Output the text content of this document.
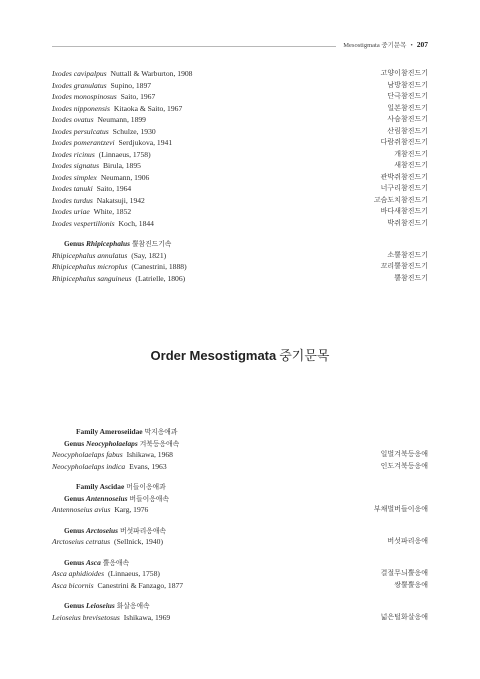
Mesostigmata 중기문목 • 207
Ixodes cavipalpus Nuttall & Warburton, 1908	고양이참진드기
Ixodes granulatus Supino, 1897	남방참진드기
Ixodes monospinosus Saito, 1967	단극참진드기
Ixodes nipponensis Kitaoka & Saito, 1967	일본참진드기
Ixodes ovatus Neumann, 1899	사슴참진드기
Ixodes persulcatus Schulze, 1930	산림참진드기
Ixodes pomerantzevi Serdjukova, 1941	다람쥐참진드기
Ixodes ricinus (Linnaeus, 1758)	개참진드기
Ixodes signatus Birula, 1895	새참진드기
Ixodes simplex Neumann, 1906	관박쥐참진드기
Ixodes tanuki Saito, 1964	너구리참진드기
Ixodes turdus Nakatsuji, 1942	고슴도치참진드기
Ixodes uriae White, 1852	바다새참진드기
Ixodes vespertilionis Koch, 1844	박쥐참진드기
Genus Rhipicephalus 뿔참진드기속
Rhipicephalus annulatus (Say, 1821)	소뿔참진드기
Rhipicephalus microplus (Canestrini, 1888)	꼬리뿔참진드기
Rhipicephalus sanguineus (Latrielle, 1806)	뿔참진드기
Order Mesostigmata 중기문목
Family Ameroseiidae 막지응애과
Genus Neocypholaelaps 겨북등응애속
Neocypholaelaps fabus Ishikawa, 1968	일벌겨북등응애
Neocypholaelaps indica Evans, 1963	인도겨북등응애
Family Ascidae 머들이응애과
Genus Antennoseius 버들이응애속
Antennoseius avius Karg, 1976	부채벌버들이응애
Genus Arctoseius 버섯파리응애속
Arctoseius cetratus (Sellnick, 1940)	버섯파리응애
Genus Asca 뿔응애속
Asca aphidioides (Linnaeus, 1758)	결절무늬뿔응애
Asca bicornis Canestrini & Fanzago, 1877	쌍뿔뿔응애
Genus Leioseius 화살응애속
Leioseius brevisetosus Ishikawa, 1969	넓은털화살응애
